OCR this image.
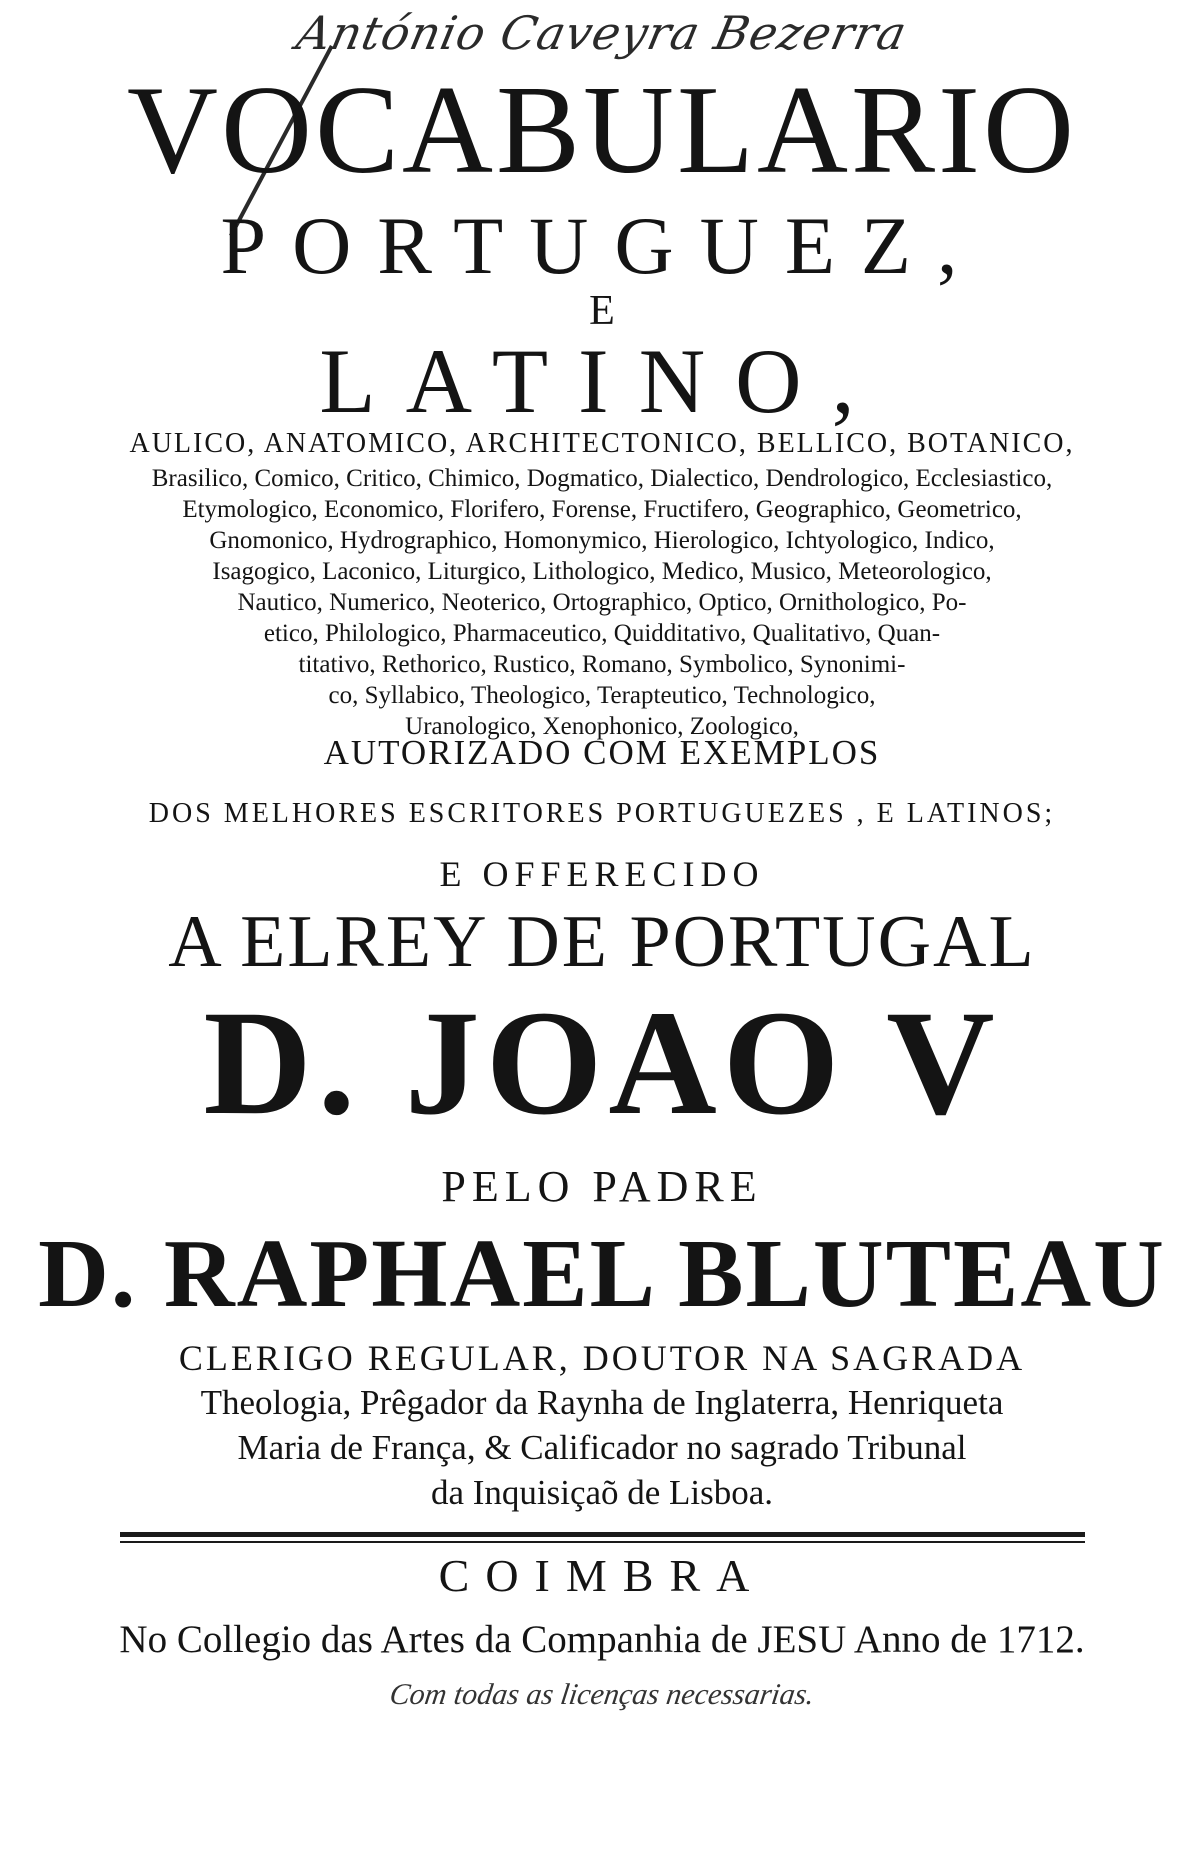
António Caveyra Bezerra
VOCABULARIO
PORTUGUEZ,
E
LATINO,
AULICO, ANATOMICO, ARCHITECTONICO, BELLICO, BOTANICO,
Brasilico, Comico, Critico, Chimico, Dogmatico, Dialectico, Dendrologico, Ecclesiastico,
Etymologico, Economico, Florifero, Forense, Fructifero, Geographico, Geometrico,
Gnomonico, Hydrographico, Homonymico, Hierologico, Ichtyologico, Indico,
Isagogico, Laconico, Liturgico, Lithologico, Medico, Musico, Meteorologico,
Nautico, Numerico, Neoterico, Ortographico, Optico, Ornithologico, Po-
etico, Philologico, Pharmaceutico, Quidditativo, Qualitativo, Quan-
titativo, Rethorico, Rustico, Romano, Symbolico, Synonimi-
co, Syllabico, Theologico, Terapteutico, Technologico,
Uranologico, Xenophonico, Zoologico,
AUTORIZADO COM EXEMPLOS
DOS MELHORES ESCRITORES PORTUGUEZES , E LATINOS;
E OFFERECIDO
A ELREY DE PORTUGAL
D. JOAO V
PELO PADRE
D. RAPHAEL BLUTEAU
CLERIGO REGULAR, DOUTOR NA SAGRADA
Theologia, Prêgador da Raynha de Inglaterra, Henriqueta
Maria de França, & Calificador no sagrado Tribunal
da Inquisiçaõ de Lisboa.
COIMBRA
No Collegio das Artes da Companhia de JESU Anno de 1712.
Com todas as licenças necessarias.
